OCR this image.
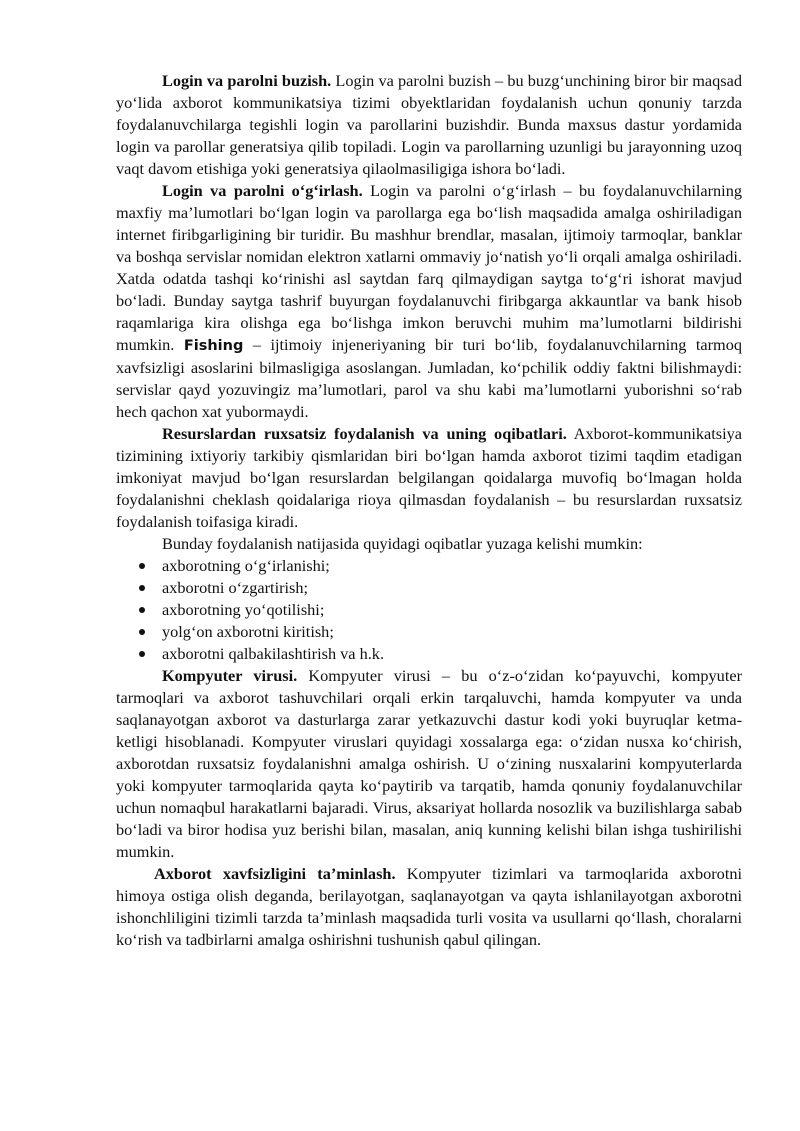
Login va parolni buzish. Login va parolni buzish – bu buzg‘unchining biror bir maqsad yo‘lida axborot kommunikatsiya tizimi obyektlaridan foydalanish uchun qonuniy tarzda foydalanuvchilarga tegishli login va parollarini buzishdir. Bunda maxsus dastur yordamida login va parollar generatsiya qilib topiladi. Login va parollarning uzunligi bu jarayonning uzoq vaqt davom etishiga yoki generatsiya qilaolmasiligiga ishora bo‘ladi.

Login va parolni o‘g‘irlash. Login va parolni o‘g‘irlash – bu foydalanuvchilarning maxfiy ma’lumotlari bo‘lgan login va parollarga ega bo‘lish maqsadida amalga oshiriladigan internet firibgarligining bir turidir. Bu mashhur brendlar, masalan, ijtimoiy tarmoqlar, banklar va boshqa servislar nomidan elektron xatlarni ommaviy jo‘natish yo‘li orqali amalga oshiriladi. Xatda odatda tashqi ko‘rinishi asl saytdan farq qilmaydigan saytga to‘g‘ri ishorat mavjud bo‘ladi. Bunday saytga tashrif buyurgan foydalanuvchi firibgarga akkauntlar va bank hisob raqamlariga kira olishga ega bo‘lishga imkon beruvchi muhim ma’lumotlarni bildirishi mumkin. Fishing – ijtimoiy injeneriyaning bir turi bo‘lib, foydalanuvchilarning tarmoq xavfsizligi asoslarini bilmasligiga asoslangan. Jumladan, ko‘pchilik oddiy faktni bilishmaydi: servislar qayd yozuvingiz ma’lumotlari, parol va shu kabi ma’lumotlarni yuborishni so‘rab hech qachon xat yubormaydi.

Resurslardan ruxsatsiz foydalanish va uning oqibatlari. Axborot-kommunikatsiya tizimining ixtiyoriy tarkibiy qismlaridan biri bo‘lgan hamda axborot tizimi taqdim etadigan imkoniyat mavjud bo‘lgan resurslardan belgilangan qoidalarga muvofiq bo‘lmagan holda foydalanishni cheklash qoidalariga rioya qilmasdan foydalanish – bu resurslardan ruxsatsiz foydalanish toifasiga kiradi.

Bunday foydalanish natijasida quyidagi oqibatlar yuzaga kelishi mumkin:

axborotning o‘g‘irlanishi;
axborotni o‘zgartirish;
axborotning yo‘qotilishi;
yolg‘on axborotni kiritish;
axborotni qalbakilashtirish va h.k.

Kompyuter virusi. Kompyuter virusi – bu o‘z-o‘zidan ko‘payuvchi, kompyuter tarmoqlari va axborot tashuvchilari orqali erkin tarqaluvchi, hamda kompyuter va unda saqlanayotgan axborot va dasturlarga zarar yetkazuvchi dastur kodi yoki buyruqlar ketma-ketligi hisoblanadi. Kompyuter viruslari quyidagi xossalarga ega: o‘zidan nusxa ko‘chirish, axborotdan ruxsatsiz foydalanishni amalga oshirish. U o‘zining nusxalarini kompyuterlarda yoki kompyuter tarmoqlarida qayta ko‘paytirib va tarqatib, hamda qonuniy foydalanuvchilar uchun nomaqbul harakatlarni bajaradi. Virus, aksariyat hollarda nosozlik va buzilishlarga sabab bo‘ladi va biror hodisa yuz berishi bilan, masalan, aniq kunning kelishi bilan ishga tushirilishi mumkin.

Axborot xavfsizligini ta’minlash. Kompyuter tizimlari va tarmoqlarida axborotni himoya ostiga olish deganda, berilayotgan, saqlanayotgan va qayta ishlanilayotgan axborotni ishonchliligini tizimli tarzda ta’minlash maqsadida turli vosita va usullarni qo‘llash, choralarni ko‘rish va tadbirlarni amalga oshirishni tushunish qabul qilingan.
